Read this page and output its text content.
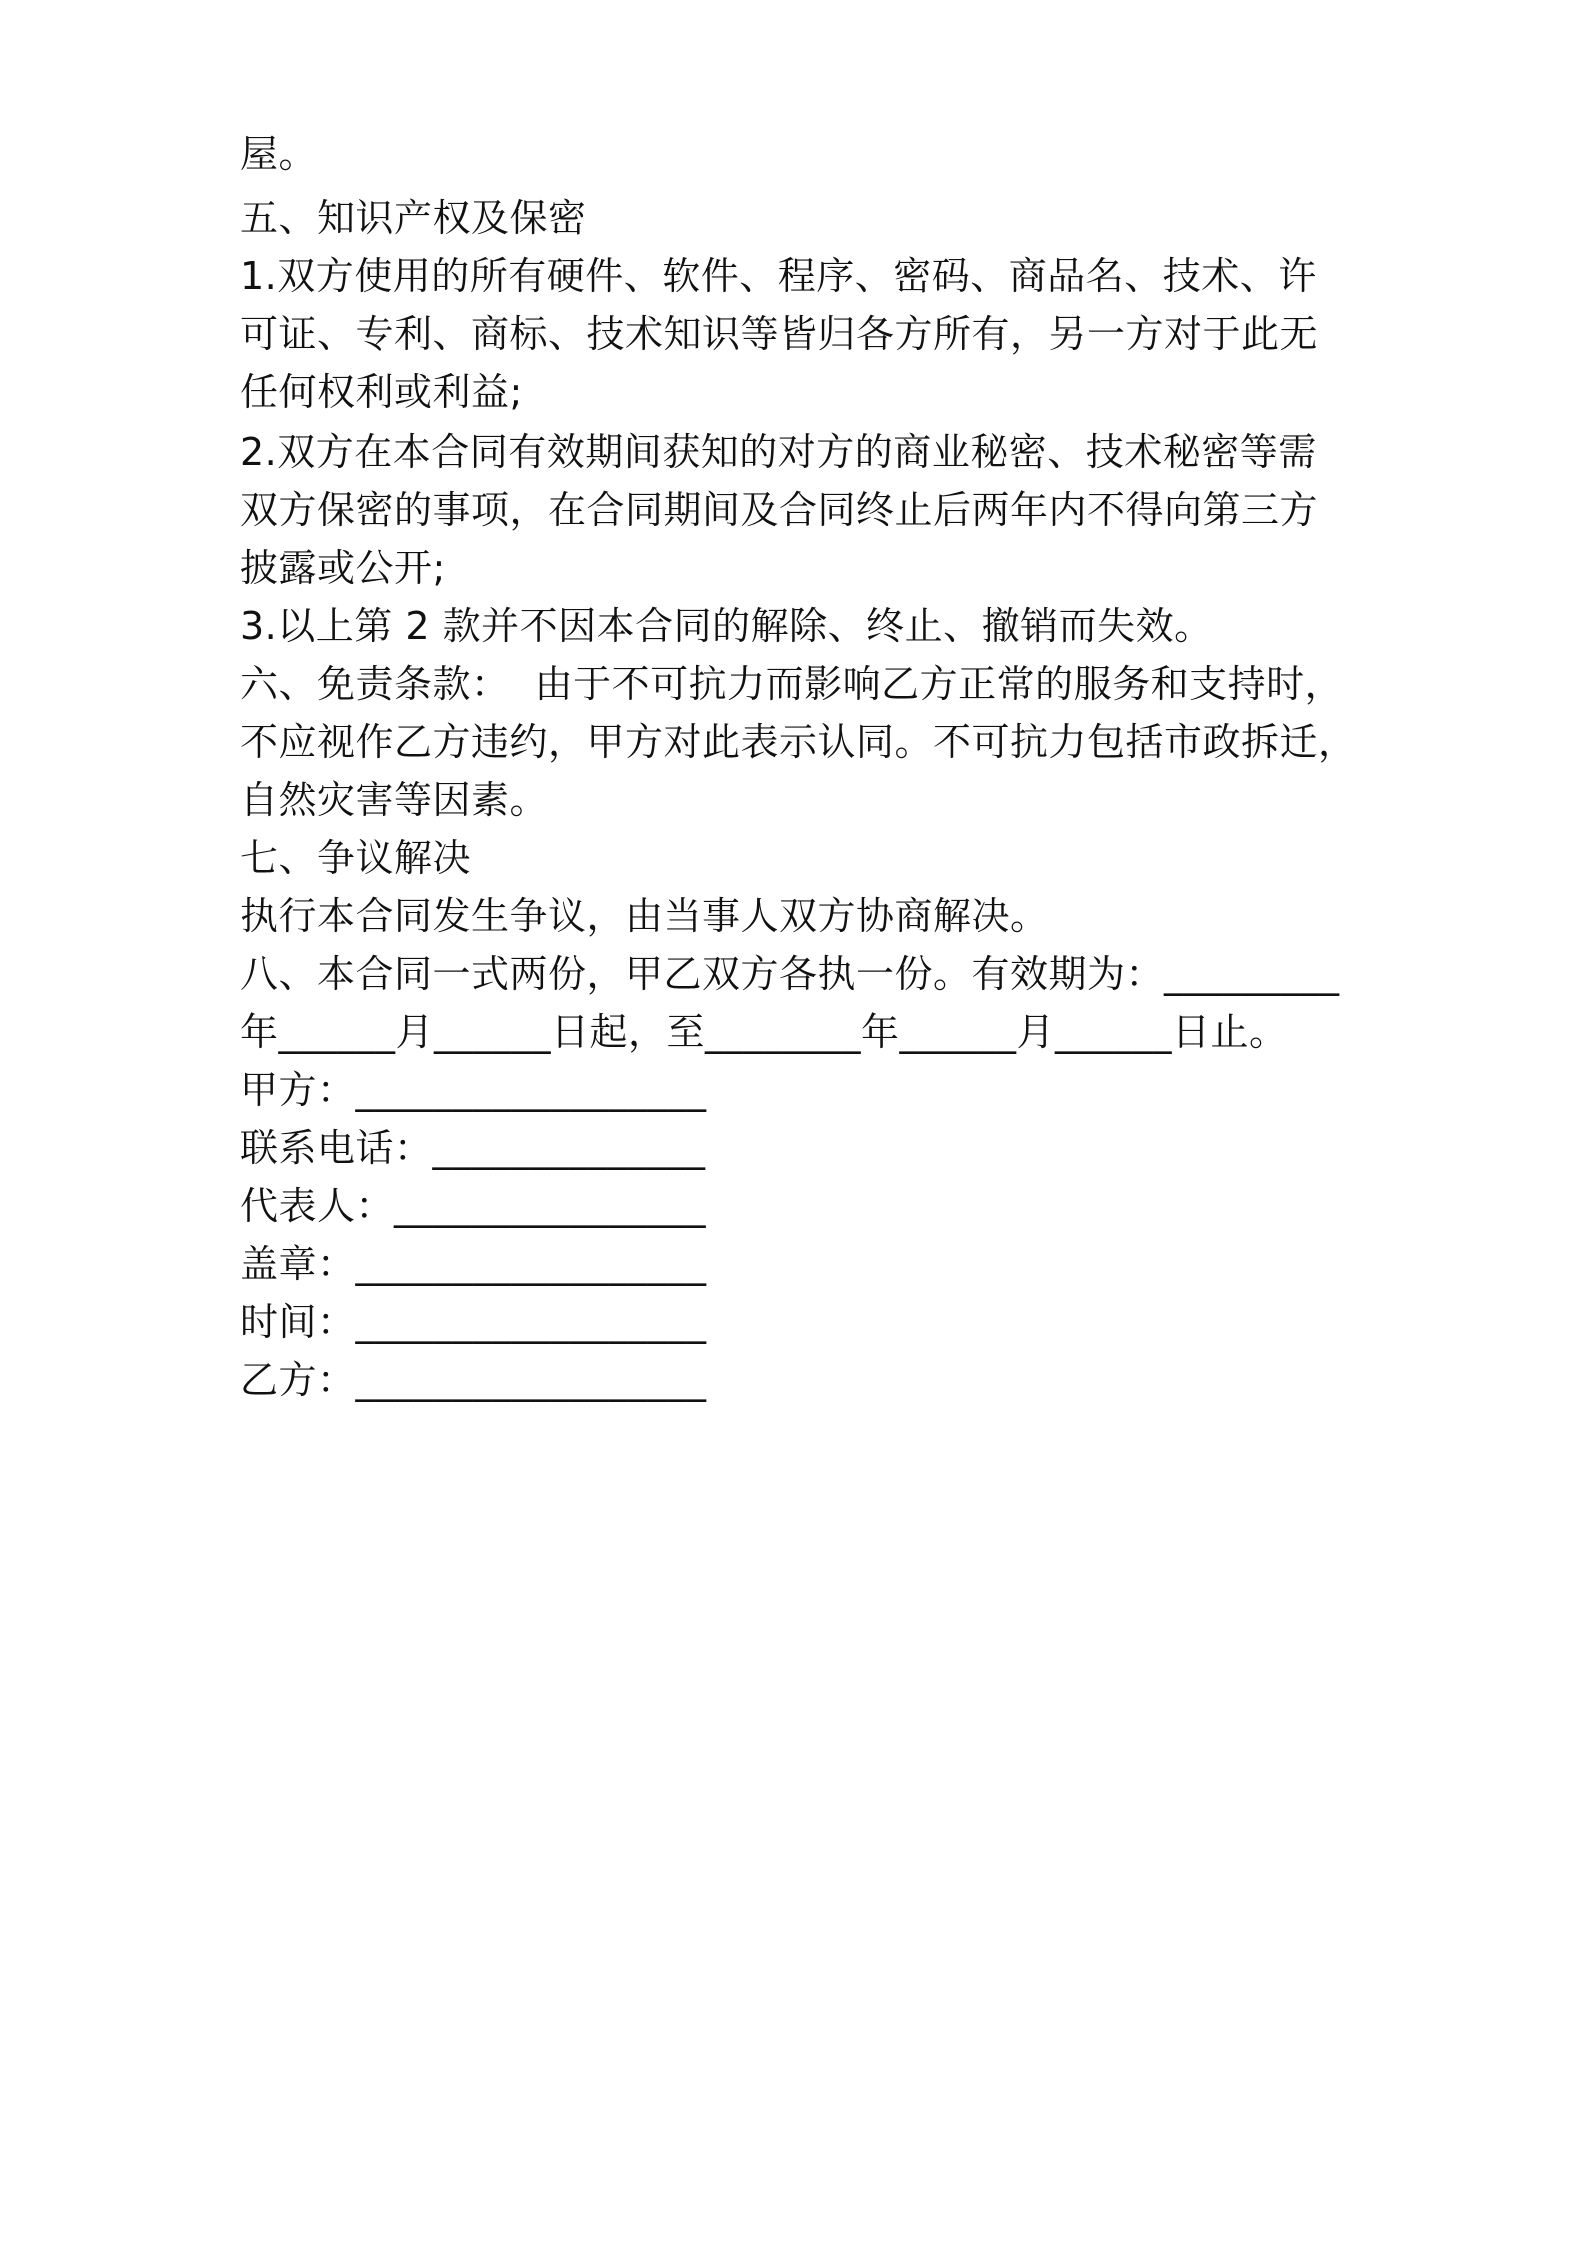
屋。
五、知识产权及保密
1.双方使用的所有硬件、软件、程序、密码、商品名、技术、许
可证、专利、商标、技术知识等皆归各方所有，另一方对于此无
任何权利或利益;
2.双方在本合同有效期间获知的对方的商业秘密、技术秘密等需
双方保密的事项，在合同期间及合同终止后两年内不得向第三方
披露或公开;
3.以上第 2 款并不因本合同的解除、终止、撤销而失效。
六、免责条款：  由于不可抗力而影响乙方正常的服务和支持时，
不应视作乙方违约，甲方对此表示认同。不可抗力包括市政拆迁，
自然灾害等因素。
七、争议解决
执行本合同发生争议，由当事人双方协商解决。
八、本合同一式两份，甲乙双方各执一份。有效期为：_________
年______月______日起，至________年______月______日止。
甲方：__________________
联系电话：______________
代表人：________________
盖章：__________________
时间：__________________
乙方：__________________
